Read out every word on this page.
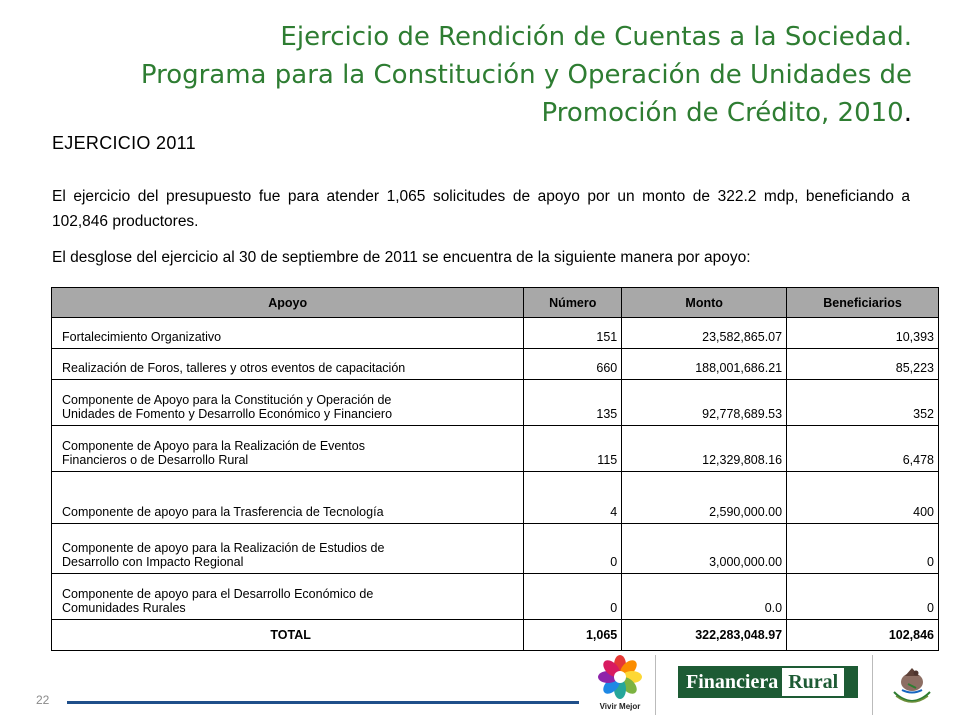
Ejercicio de Rendición de Cuentas a la Sociedad.
Programa para la Constitución y Operación de Unidades de
Promoción de Crédito, 2010.
EJERCICIO 2011
El ejercicio del presupuesto fue para atender 1,065 solicitudes de apoyo por un monto de 322.2 mdp, beneficiando a 102,846 productores.
El desglose del ejercicio al 30 de septiembre de 2011 se encuentra de la siguiente manera por apoyo:
Apoyo	Número	Monto	Beneficiarios

Fortalecimiento Organizativo	151	23,582,865.07	10,393

Realización de Foros, talleres y otros eventos de capacitación	660	188,001,686.21	85,223

Componente de Apoyo para la Constitución y Operación de
Unidades de Fomento y Desarrollo Económico y Financiero	135	92,778,689.53	352

Componente de Apoyo para la Realización de Eventos
Financieros o de Desarrollo Rural	115	12,329,808.16	6,478

Componente de apoyo para la Trasferencia de Tecnología	4	2,590,000.00	400

Componente de apoyo para la Realización de Estudios de
Desarrollo con Impacto Regional	0	3,000,000.00	0

Componente de apoyo para el Desarrollo Económico de
Comunidades Rurales	0	0.0	0
TOTAL	1,065	322,283,048.97	102,846
22	Vivir Mejor
Financiera Rural
